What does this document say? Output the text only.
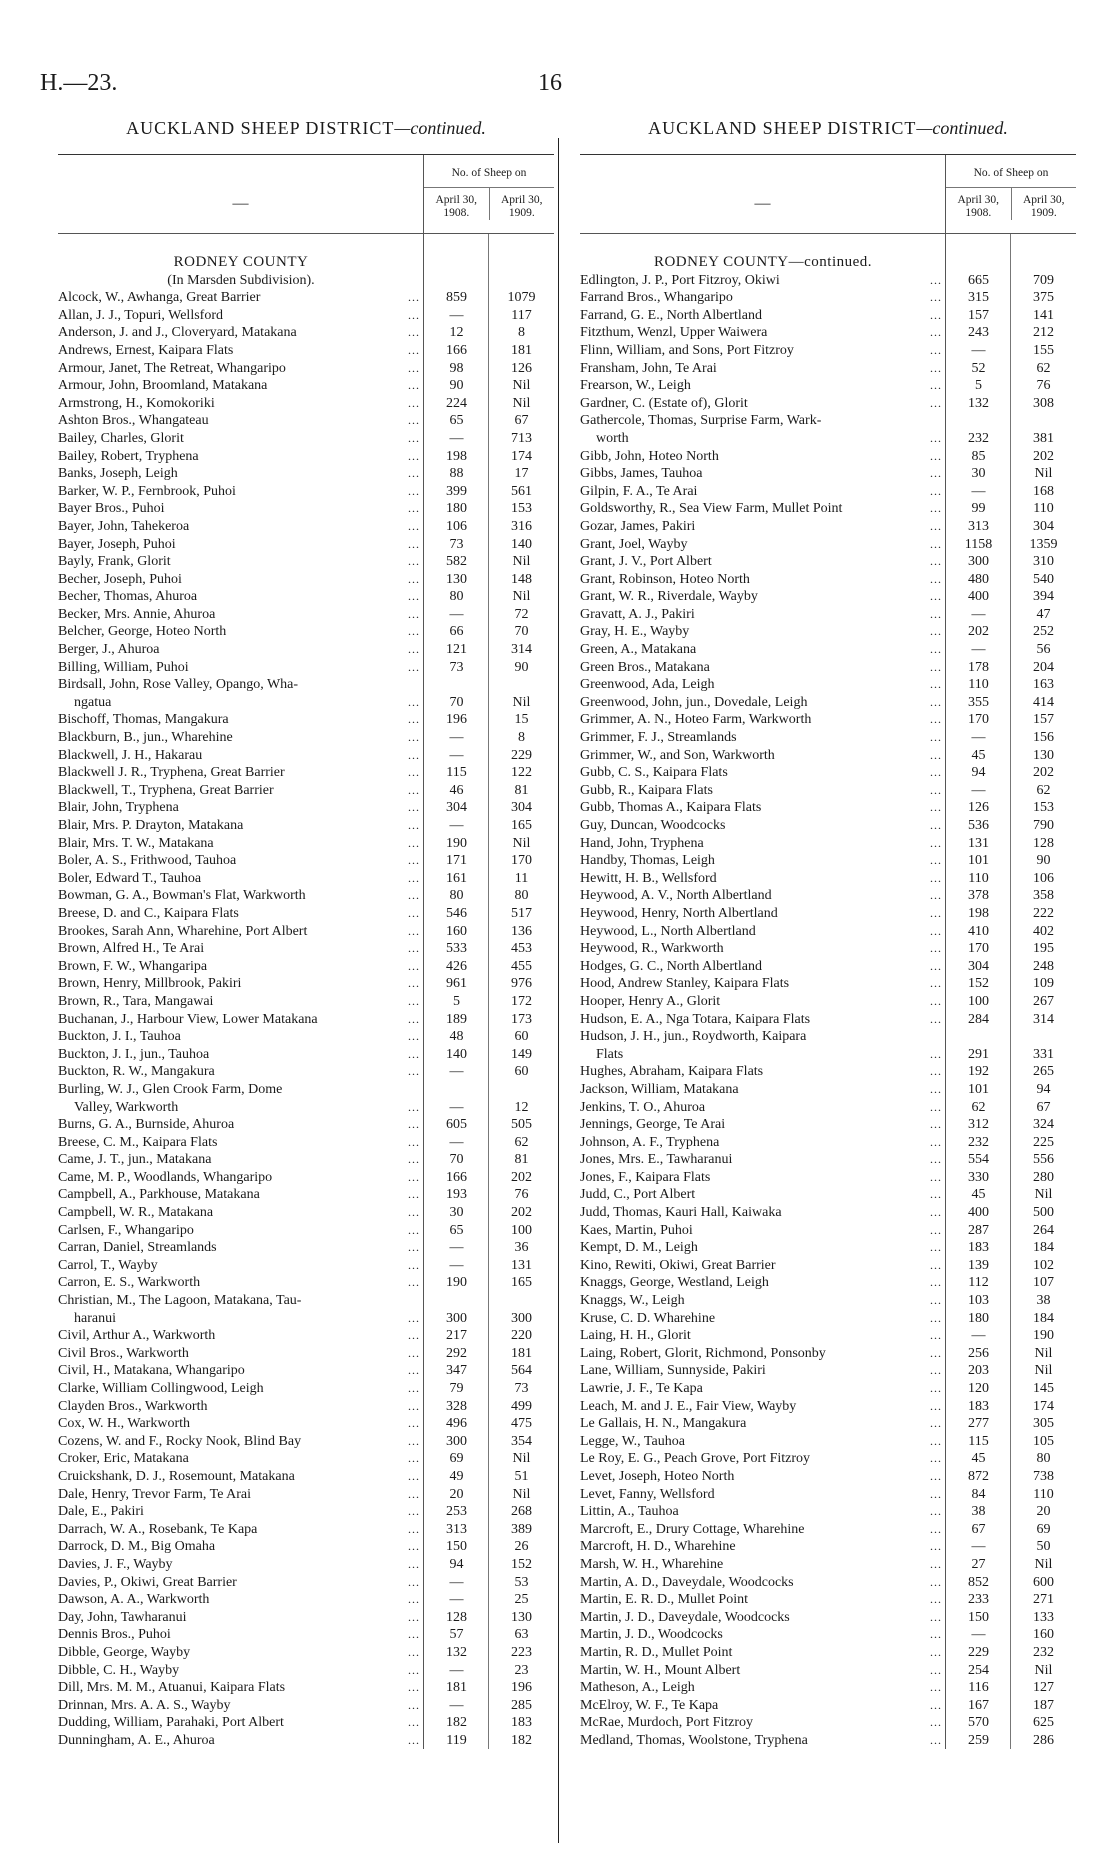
H.—23.	16
AUCKLAND SHEEP DISTRICT—continued.
—
No. of Sheep on
April 30, 1908.
April 30, 1909.
RODNEY COUNTY
(In Marsden Subdivision).
Alcock, W., Awhanga, Great Barrier	...	859	1079
Allan, J. J., Topuri, Wellsford	...	—	117
Anderson, J. and J., Cloveryard, Matakana	...	12	8
Andrews, Ernest, Kaipara Flats	...	166	181
Armour, Janet, The Retreat, Whangaripo	...	98	126
Armour, John, Broomland, Matakana	...	90	Nil
Armstrong, H., Komokoriki	...	224	Nil
Ashton Bros., Whangateau	...	65	67
Bailey, Charles, Glorit	...	—	713
Bailey, Robert, Tryphena	...	198	174
Banks, Joseph, Leigh	...	88	17
Barker, W. P., Fernbrook, Puhoi	...	399	561
Bayer Bros., Puhoi	...	180	153
Bayer, John, Tahekeroa	...	106	316
Bayer, Joseph, Puhoi	...	73	140
Bayly, Frank, Glorit	...	582	Nil
Becher, Joseph, Puhoi	...	130	148
Becher, Thomas, Ahuroa	...	80	Nil
Becker, Mrs. Annie, Ahuroa	...	—	72
Belcher, George, Hoteo North	...	66	70
Berger, J., Ahuroa	...	121	314
Billing, William, Puhoi	...	73	90
Birdsall, John, Rose Valley, Opango, Wha-
ngatua	...	70	Nil
Bischoff, Thomas, Mangakura	...	196	15
Blackburn, B., jun., Wharehine	...	—	8
Blackwell, J. H., Hakarau	...	—	229
Blackwell J. R., Tryphena, Great Barrier	...	115	122
Blackwell, T., Tryphena, Great Barrier	...	46	81
Blair, John, Tryphena	...	304	304
Blair, Mrs. P. Drayton, Matakana	...	—	165
Blair, Mrs. T. W., Matakana	...	190	Nil
Boler, A. S., Frithwood, Tauhoa	...	171	170
Boler, Edward T., Tauhoa	...	161	11
Bowman, G. A., Bowman's Flat, Warkworth	...	80	80
Breese, D. and C., Kaipara Flats	...	546	517
Brookes, Sarah Ann, Wharehine, Port Albert	...	160	136
Brown, Alfred H., Te Arai	...	533	453
Brown, F. W., Whangaripa	...	426	455
Brown, Henry, Millbrook, Pakiri	...	961	976
Brown, R., Tara, Mangawai	...	5	172
Buchanan, J., Harbour View, Lower Matakana	...	189	173
Buckton, J. I., Tauhoa	...	48	60
Buckton, J. I., jun., Tauhoa	...	140	149
Buckton, R. W., Mangakura	...	—	60
Burling, W. J., Glen Crook Farm, Dome
Valley, Warkworth	...	—	12
Burns, G. A., Burnside, Ahuroa	...	605	505
Breese, C. M., Kaipara Flats	...	—	62
Came, J. T., jun., Matakana	...	70	81
Came, M. P., Woodlands, Whangaripo	...	166	202
Campbell, A., Parkhouse, Matakana	...	193	76
Campbell, W. R., Matakana	...	30	202
Carlsen, F., Whangaripo	...	65	100
Carran, Daniel, Streamlands	...	—	36
Carrol, T., Wayby	...	—	131
Carron, E. S., Warkworth	...	190	165
Christian, M., The Lagoon, Matakana, Tau-
haranui	...	300	300
Civil, Arthur A., Warkworth	...	217	220
Civil Bros., Warkworth	...	292	181
Civil, H., Matakana, Whangaripo	...	347	564
Clarke, William Collingwood, Leigh	...	79	73
Clayden Bros., Warkworth	...	328	499
Cox, W. H., Warkworth	...	496	475
Cozens, W. and F., Rocky Nook, Blind Bay	...	300	354
Croker, Eric, Matakana	...	69	Nil
Cruickshank, D. J., Rosemount, Matakana	...	49	51
Dale, Henry, Trevor Farm, Te Arai	...	20	Nil
Dale, E., Pakiri	...	253	268
Darrach, W. A., Rosebank, Te Kapa	...	313	389
Darrock, D. M., Big Omaha	...	150	26
Davies, J. F., Wayby	...	94	152
Davies, P., Okiwi, Great Barrier	...	—	53
Dawson, A. A., Warkworth	...	—	25
Day, John, Tawharanui	...	128	130
Dennis Bros., Puhoi	...	57	63
Dibble, George, Wayby	...	132	223
Dibble, C. H., Wayby	...	—	23
Dill, Mrs. M. M., Atuanui, Kaipara Flats	...	181	196
Drinnan, Mrs. A. A. S., Wayby	...	—	285
Dudding, William, Parahaki, Port Albert	...	182	183
Dunningham, A. E., Ahuroa	...	119	182
AUCKLAND SHEEP DISTRICT—continued.
—
No. of Sheep on
April 30, 1908.
April 30, 1909.
RODNEY COUNTY—continued.
Edlington, J. P., Port Fitzroy, Okiwi	...	665	709
Farrand Bros., Whangaripo	...	315	375
Farrand, G. E., North Albertland	...	157	141
Fitzthum, Wenzl, Upper Waiwera	...	243	212
Flinn, William, and Sons, Port Fitzroy	...	—	155
Fransham, John, Te Arai	...	52	62
Frearson, W., Leigh	...	5	76
Gardner, C. (Estate of), Glorit	...	132	308
Gathercole, Thomas, Surprise Farm, Wark-
worth	...	232	381
Gibb, John, Hoteo North	...	85	202
Gibbs, James, Tauhoa	...	30	Nil
Gilpin, F. A., Te Arai	...	—	168
Goldsworthy, R., Sea View Farm, Mullet Point	...	99	110
Gozar, James, Pakiri	...	313	304
Grant, Joel, Wayby	...	1158	1359
Grant, J. V., Port Albert	...	300	310
Grant, Robinson, Hoteo North	...	480	540
Grant, W. R., Riverdale, Wayby	...	400	394
Gravatt, A. J., Pakiri	...	—	47
Gray, H. E., Wayby	...	202	252
Green, A., Matakana	...	—	56
Green Bros., Matakana	...	178	204
Greenwood, Ada, Leigh	...	110	163
Greenwood, John, jun., Dovedale, Leigh	...	355	414
Grimmer, A. N., Hoteo Farm, Warkworth	...	170	157
Grimmer, F. J., Streamlands	...	—	156
Grimmer, W., and Son, Warkworth	...	45	130
Gubb, C. S., Kaipara Flats	...	94	202
Gubb, R., Kaipara Flats	...	—	62
Gubb, Thomas A., Kaipara Flats	...	126	153
Guy, Duncan, Woodcocks	...	536	790
Hand, John, Tryphena	...	131	128
Handby, Thomas, Leigh	...	101	90
Hewitt, H. B., Wellsford	...	110	106
Heywood, A. V., North Albertland	...	378	358
Heywood, Henry, North Albertland	...	198	222
Heywood, L., North Albertland	...	410	402
Heywood, R., Warkworth	...	170	195
Hodges, G. C., North Albertland	...	304	248
Hood, Andrew Stanley, Kaipara Flats	...	152	109
Hooper, Henry A., Glorit	...	100	267
Hudson, E. A., Nga Totara, Kaipara Flats	...	284	314
Hudson, J. H., jun., Roydworth, Kaipara
Flats	...	291	331
Hughes, Abraham, Kaipara Flats	...	192	265
Jackson, William, Matakana	...	101	94
Jenkins, T. O., Ahuroa	...	62	67
Jennings, George, Te Arai	...	312	324
Johnson, A. F., Tryphena	...	232	225
Jones, Mrs. E., Tawharanui	...	554	556
Jones, F., Kaipara Flats	...	330	280
Judd, C., Port Albert	...	45	Nil
Judd, Thomas, Kauri Hall, Kaiwaka	...	400	500
Kaes, Martin, Puhoi	...	287	264
Kempt, D. M., Leigh	...	183	184
Kino, Rewiti, Okiwi, Great Barrier	...	139	102
Knaggs, George, Westland, Leigh	...	112	107
Knaggs, W., Leigh	...	103	38
Kruse, C. D. Wharehine	...	180	184
Laing, H. H., Glorit	...	—	190
Laing, Robert, Glorit, Richmond, Ponsonby	...	256	Nil
Lane, William, Sunnyside, Pakiri	...	203	Nil
Lawrie, J. F., Te Kapa	...	120	145
Leach, M. and J. E., Fair View, Wayby	...	183	174
Le Gallais, H. N., Mangakura	...	277	305
Legge, W., Tauhoa	...	115	105
Le Roy, E. G., Peach Grove, Port Fitzroy	...	45	80
Levet, Joseph, Hoteo North	...	872	738
Levet, Fanny, Wellsford	...	84	110
Littin, A., Tauhoa	...	38	20
Marcroft, E., Drury Cottage, Wharehine	...	67	69
Marcroft, H. D., Wharehine	...	—	50
Marsh, W. H., Wharehine	...	27	Nil
Martin, A. D., Daveydale, Woodcocks	...	852	600
Martin, E. R. D., Mullet Point	...	233	271
Martin, J. D., Daveydale, Woodcocks	...	150	133
Martin, J. D., Woodcocks	...	—	160
Martin, R. D., Mullet Point	...	229	232
Martin, W. H., Mount Albert	...	254	Nil
Matheson, A., Leigh	...	116	127
McElroy, W. F., Te Kapa	...	167	187
McRae, Murdoch, Port Fitzroy	...	570	625
Medland, Thomas, Woolstone, Tryphena	...	259	286
